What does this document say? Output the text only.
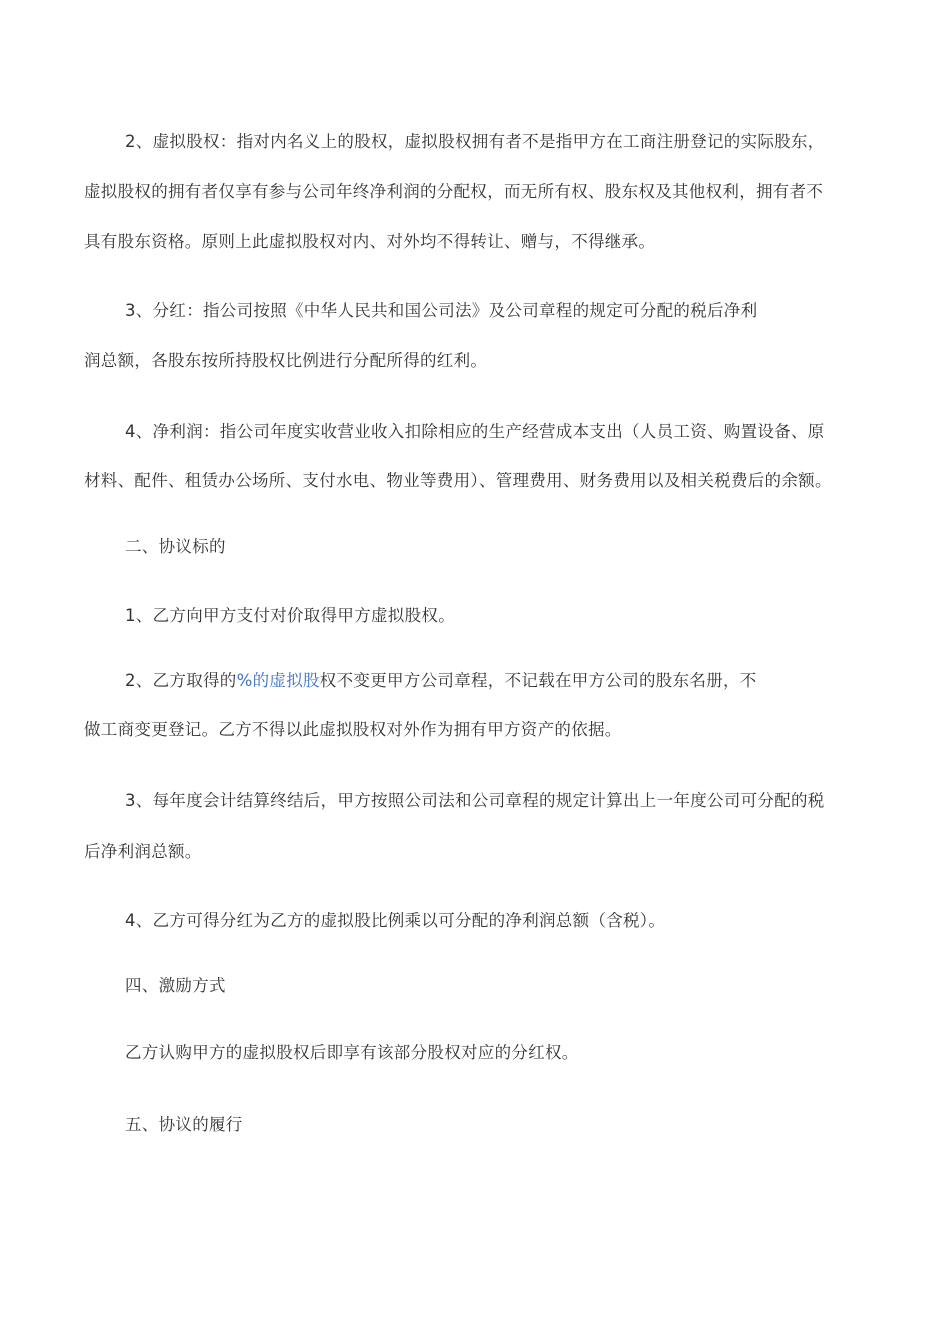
2、虚拟股权：指对内名义上的股权，虚拟股权拥有者不是指甲方在工商注册登记的实际股东，
虚拟股权的拥有者仅享有参与公司年终净利润的分配权，而无所有权、股东权及其他权利，拥有者不
具有股东资格。原则上此虚拟股权对内、对外均不得转让、赠与，不得继承。
3、分红：指公司按照《中华人民共和国公司法》及公司章程的规定可分配的税后净利
润总额，各股东按所持股权比例进行分配所得的红利。
4、净利润：指公司年度实收营业收入扣除相应的生产经营成本支出（人员工资、购置设备、原
材料、配件、租赁办公场所、支付水电、物业等费用）、管理费用、财务费用以及相关税费后的余额。
二、协议标的
1、乙方向甲方支付对价取得甲方虚拟股权。
2、乙方取得的%的虚拟股权不变更甲方公司章程，不记载在甲方公司的股东名册，不
做工商变更登记。乙方不得以此虚拟股权对外作为拥有甲方资产的依据。
3、每年度会计结算终结后，甲方按照公司法和公司章程的规定计算出上一年度公司可分配的税
后净利润总额。
4、乙方可得分红为乙方的虚拟股比例乘以可分配的净利润总额（含税）。
四、激励方式
乙方认购甲方的虚拟股权后即享有该部分股权对应的分红权。
五、协议的履行
